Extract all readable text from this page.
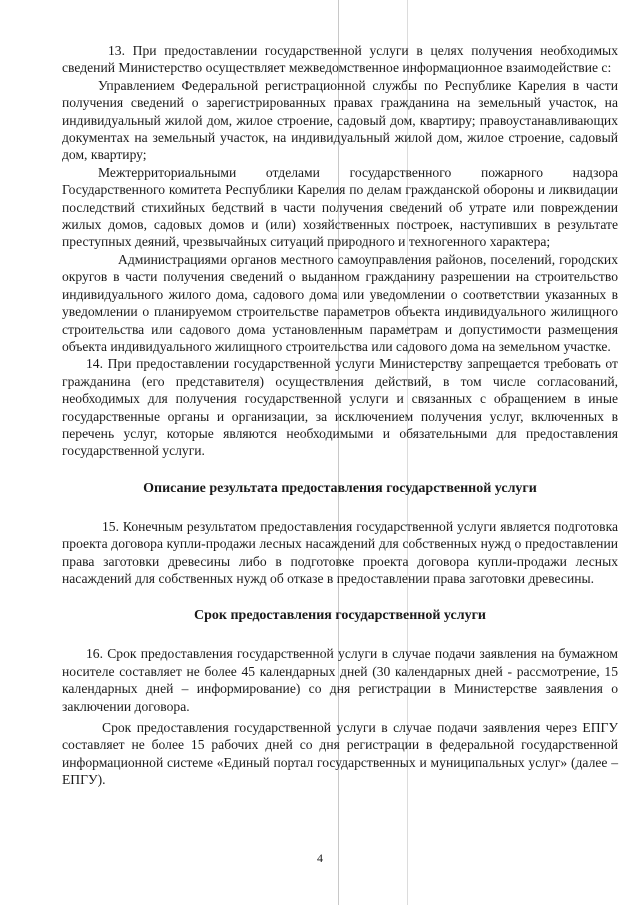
13. При предоставлении государственной услуги в целях получения необходимых сведений Министерство осуществляет межведомственное информационное взаимодействие с:

Управлением Федеральной регистрационной службы по Республике Карелия в части получения сведений о зарегистрированных правах гражданина на земельный участок, на индивидуальный жилой дом, жилое строение, садовый дом, квартиру; правоустанавливающих документах на земельный участок, на индивидуальный жилой дом, жилое строение, садовый дом, квартиру;

Межтерриториальными отделами государственного пожарного надзора Государственного комитета Республики Карелия по делам гражданской обороны и ликвидации последствий стихийных бедствий в части получения сведений об утрате или повреждении жилых домов, садовых домов и (или) хозяйственных построек, наступивших в результате преступных деяний, чрезвычайных ситуаций природного и техногенного характера;

Администрациями органов местного самоуправления районов, поселений, городских округов в части получения сведений о выданном гражданину разрешении на строительство индивидуального жилого дома, садового дома или уведомлении о соответствии указанных в уведомлении о планируемом строительстве параметров объекта индивидуального жилищного строительства или садового дома установленным параметрам и допустимости размещения объекта индивидуального жилищного строительства или садового дома на земельном участке.

14. При предоставлении государственной услуги Министерству запрещается требовать от гражданина (его представителя) осуществления действий, в том числе согласований, необходимых для получения государственной услуги и связанных с обращением в иные государственные органы и организации, за исключением получения услуг, включенных в перечень услуг, которые являются необходимыми и обязательными для предоставления государственной услуги.

Описание результата предоставления государственной услуги

15. Конечным результатом предоставления государственной услуги является подготовка проекта договора купли-продажи лесных насаждений для собственных нужд о предоставлении права заготовки древесины либо в подготовке проекта договора купли-продажи лесных насаждений для собственных нужд об отказе в предоставлении права заготовки древесины.

Срок предоставления государственной услуги

16. Срок предоставления государственной услуги в случае подачи заявления на бумажном носителе составляет не более 45 календарных дней (30 календарных дней - рассмотрение, 15 календарных дней – информирование) со дня регистрации в Министерстве заявления о заключении договора.

Срок предоставления государственной услуги в случае подачи заявления через ЕПГУ составляет не более 15 рабочих дней со дня регистрации в федеральной государственной информационной системе «Единый портал государственных и муниципальных услуг» (далее – ЕПГУ).

4
